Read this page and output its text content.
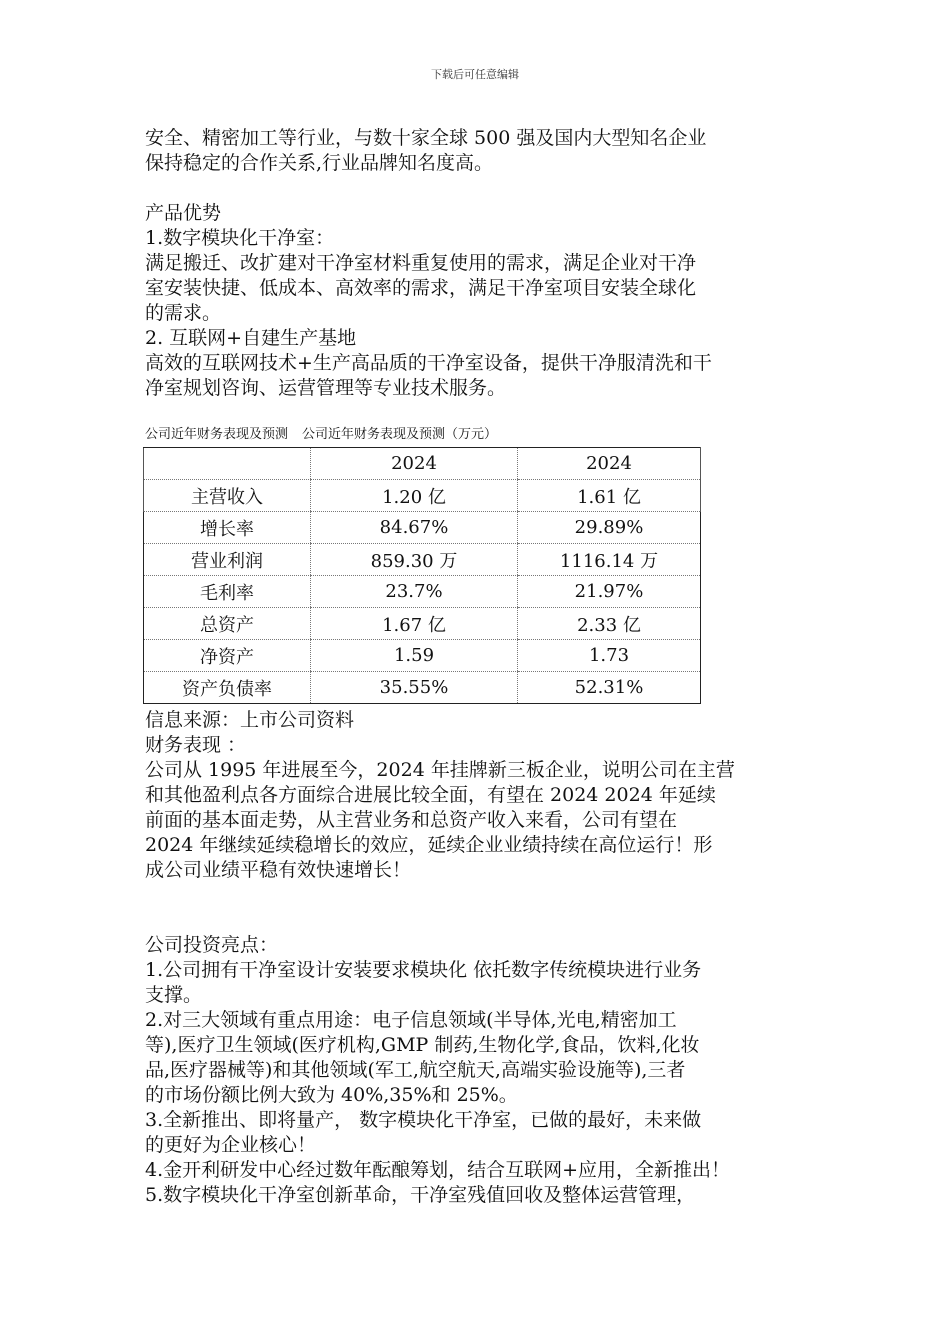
下载后可任意编辑

安全、精密加工等行业，与数十家全球 500 强及国内大型知名企业

保持稳定的合作关系,行业品牌知名度高。

产品优势

1.数字模块化干净室：

满足搬迁、改扩建对干净室材料重复使用的需求，满足企业对干净

室安装快捷、低成本、高效率的需求，满足干净室项目安装全球化

的需求。

2. 互联网+自建生产基地

高效的互联网技术+生产高品质的干净室设备，提供干净服清洗和干

净室规划咨询、运营管理等专业技术服务。

公司近年财务表现及预测 公司近年财务表现及预测（万元）
	2024	2024
主营收入	1.20 亿	1.61 亿
增长率	84.67%	29.89%
营业利润	859.30 万	1116.14 万
毛利率	23.7%	21.97%
总资产	1.67 亿	2.33 亿
净资产	1.59	1.73
资产负债率	35.55%	52.31%

信息来源：上市公司资料

财务表现 ：

公司从 1995 年进展至今，2024 年挂牌新三板企业，说明公司在主营

和其他盈利点各方面综合进展比较全面，有望在 2024 2024 年延续

前面的基本面走势，从主营业务和总资产收入来看，公司有望在

2024 年继续延续稳增长的效应，延续企业业绩持续在高位运行！形

成公司业绩平稳有效快速增长！

公司投资亮点：

1.公司拥有干净室设计安装要求模块化 依托数字传统模块进行业务

支撑。

2.对三大领域有重点用途：电子信息领域(半导体,光电,精密加工

等),医疗卫生领域(医疗机构,GMP 制药,生物化学,食品，饮料,化妆

品,医疗器械等)和其他领域(军工,航空航天,高端实验设施等),三者

的市场份额比例大致为 40%,35%和 25%。

3.全新推出、即将量产， 数字模块化干净室，已做的最好，未来做

的更好为企业核心！

4.金开利研发中心经过数年酝酿筹划，结合互联网+应用，全新推出！

5.数字模块化干净室创新革命，干净室残值回收及整体运营管理，
